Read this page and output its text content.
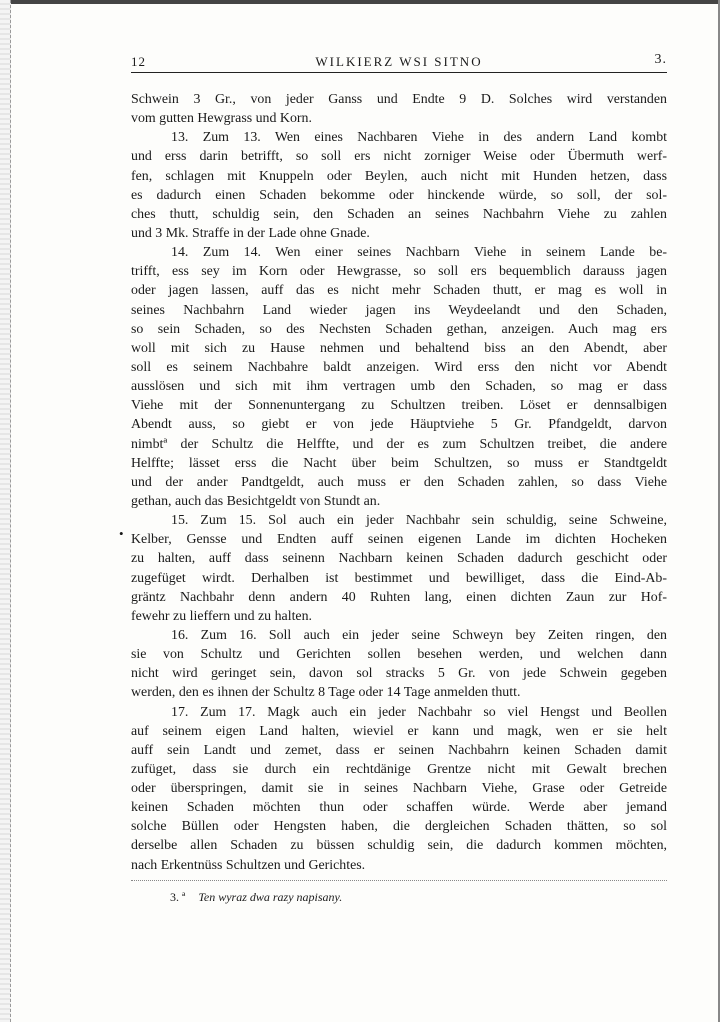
12	WILKIERZ WSI SITNO	3.
•
Schwein 3 Gr., von jeder Ganss und Endte 9 D. Solches wird verstanden
vom gutten Hewgrass und Korn.
13. Zum 13. Wen eines Nachbaren Viehe in des andern Land kombt
und erss darin betrifft, so soll ers nicht zorniger Weise oder Übermuth werf-
fen, schlagen mit Knuppeln oder Beylen, auch nicht mit Hunden hetzen, dass
es dadurch einen Schaden bekomme oder hinckende würde, so soll, der sol-
ches thutt, schuldig sein, den Schaden an seines Nachbahrn Viehe zu zahlen
und 3 Mk. Straffe in der Lade ohne Gnade.
14. Zum 14. Wen einer seines Nachbarn Viehe in seinem Lande be-
trifft, ess sey im Korn oder Hewgrasse, so soll ers bequemblich darauss jagen
oder jagen lassen, auff das es nicht mehr Schaden thutt, er mag es woll in
seines Nachbahrn Land wieder jagen ins Weydeelandt und den Schaden,
so sein Schaden, so des Nechsten Schaden gethan, anzeigen. Auch mag ers
woll mit sich zu Hause nehmen und behaltend biss an den Abendt, aber
soll es seinem Nachbahre baldt anzeigen. Wird erss den nicht vor Abendt
ausslösen und sich mit ihm vertragen umb den Schaden, so mag er dass
Viehe mit der Sonnenuntergang zu Schultzen treiben. Löset er dennsalbigen
Abendt auss, so giebt er von jede Häuptviehe 5 Gr. Pfandgeldt, darvon
nimbtª der Schultz die Helffte, und der es zum Schultzen treibet, die andere
Helffte; lässet erss die Nacht über beim Schultzen, so muss er Standtgeldt
und der ander Pandtgeldt, auch muss er den Schaden zahlen, so dass Viehe
gethan, auch das Besichtgeldt von Stundt an.
15. Zum 15. Sol auch ein jeder Nachbahr sein schuldig, seine Schweine,
Kelber, Gensse und Endten auff seinen eigenen Lande im dichten Hocheken
zu halten, auff dass seinenn Nachbarn keinen Schaden dadurch geschicht oder
zugefüget wirdt. Derhalben ist bestimmet und bewilliget, dass die Eind-Ab-
gräntz Nachbahr denn andern 40 Ruhten lang, einen dichten Zaun zur Hof-
fewehr zu lieffern und zu halten.
16. Zum 16. Soll auch ein jeder seine Schweyn bey Zeiten ringen, den
sie von Schultz und Gerichten sollen besehen werden, und welchen dann
nicht wird geringet sein, davon sol stracks 5 Gr. von jede Schwein gegeben
werden, den es ihnen der Schultz 8 Tage oder 14 Tage anmelden thutt.
17. Zum 17. Magk auch ein jeder Nachbahr so viel Hengst und Beollen
auf seinem eigen Land halten, wieviel er kann und magk, wen er sie helt
auff sein Landt und zemet, dass er seinen Nachbahrn keinen Schaden damit
zufüget, dass sie durch ein rechtdänige Grentze nicht mit Gewalt brechen
oder überspringen, damit sie in seines Nachbarn Viehe, Grase oder Getreide
keinen Schaden möchten thun oder schaffen würde. Werde aber jemand
solche Büllen oder Hengsten haben, die dergleichen Schaden thätten, so sol
derselbe allen Schaden zu büssen schuldig sein, die dadurch kommen möchten,
nach Erkentnüss Schultzen und Gerichtes.
3. ª Ten wyraz dwa razy napisany.
